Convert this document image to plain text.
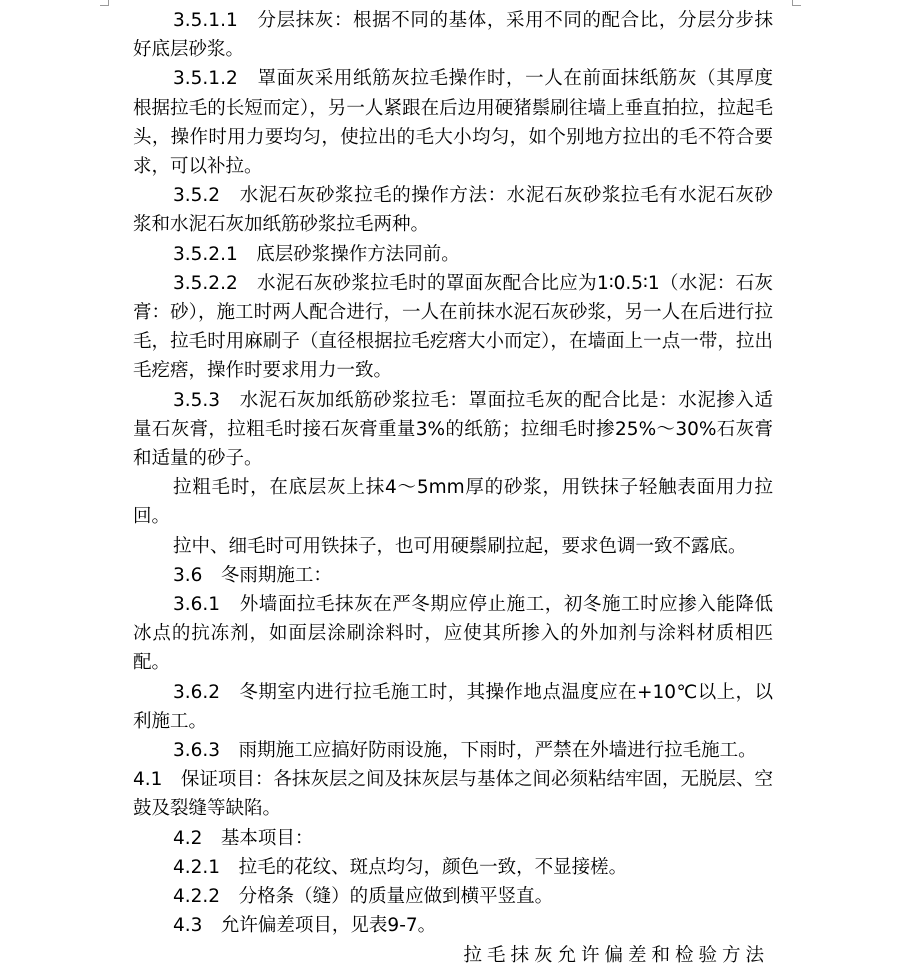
3.5.1.1　分层抹灰：根据不同的基体，采用不同的配合比，分层分步抹好底层砂浆。

3.5.1.2　罩面灰采用纸筋灰拉毛操作时，一人在前面抹纸筋灰（其厚度根据拉毛的长短而定），另一人紧跟在后边用硬猪鬃刷往墙上垂直拍拉，拉起毛头，操作时用力要均匀，使拉出的毛大小均匀，如个别地方拉出的毛不符合要求，可以补拉。

3.5.2　水泥石灰砂浆拉毛的操作方法：水泥石灰砂浆拉毛有水泥石灰砂浆和水泥石灰加纸筋砂浆拉毛两种。

3.5.2.1　底层砂浆操作方法同前。

3.5.2.2　水泥石灰砂浆拉毛时的罩面灰配合比应为1∶0.5∶1（水泥：石灰膏：砂），施工时两人配合进行，一人在前抹水泥石灰砂浆，另一人在后进行拉毛，拉毛时用麻刷子（直径根据拉毛疙瘩大小而定），在墙面上一点一带，拉出毛疙瘩，操作时要求用力一致。

3.5.3　水泥石灰加纸筋砂浆拉毛：罩面拉毛灰的配合比是：水泥掺入适量石灰膏，拉粗毛时接石灰膏重量3%的纸筋；拉细毛时掺25%～30%石灰膏和适量的砂子。

拉粗毛时，在底层灰上抹4～5mm厚的砂浆，用铁抹子轻触表面用力拉回。

拉中、细毛时可用铁抹子，也可用硬鬃刷拉起，要求色调一致不露底。

3.6　冬雨期施工：

3.6.1　外墙面拉毛抹灰在严冬期应停止施工，初冬施工时应掺入能降低冰点的抗冻剂，如面层涂刷涂料时，应使其所掺入的外加剂与涂料材质相匹配。

3.6.2　冬期室内进行拉毛施工时，其操作地点温度应在+10℃以上，以利施工。

3.6.3　雨期施工应搞好防雨设施，下雨时，严禁在外墙进行拉毛施工。

4.1　保证项目：各抹灰层之间及抹灰层与基体之间必须粘结牢固，无脱层、空鼓及裂缝等缺陷。

4.2　基本项目：

4.2.1　拉毛的花纹、斑点均匀，颜色一致，不显接槎。

4.2.2　分格条（缝）的质量应做到横平竖直。

4.3　允许偏差项目，见表9-7。

拉毛抹灰允许偏差和检验方法
